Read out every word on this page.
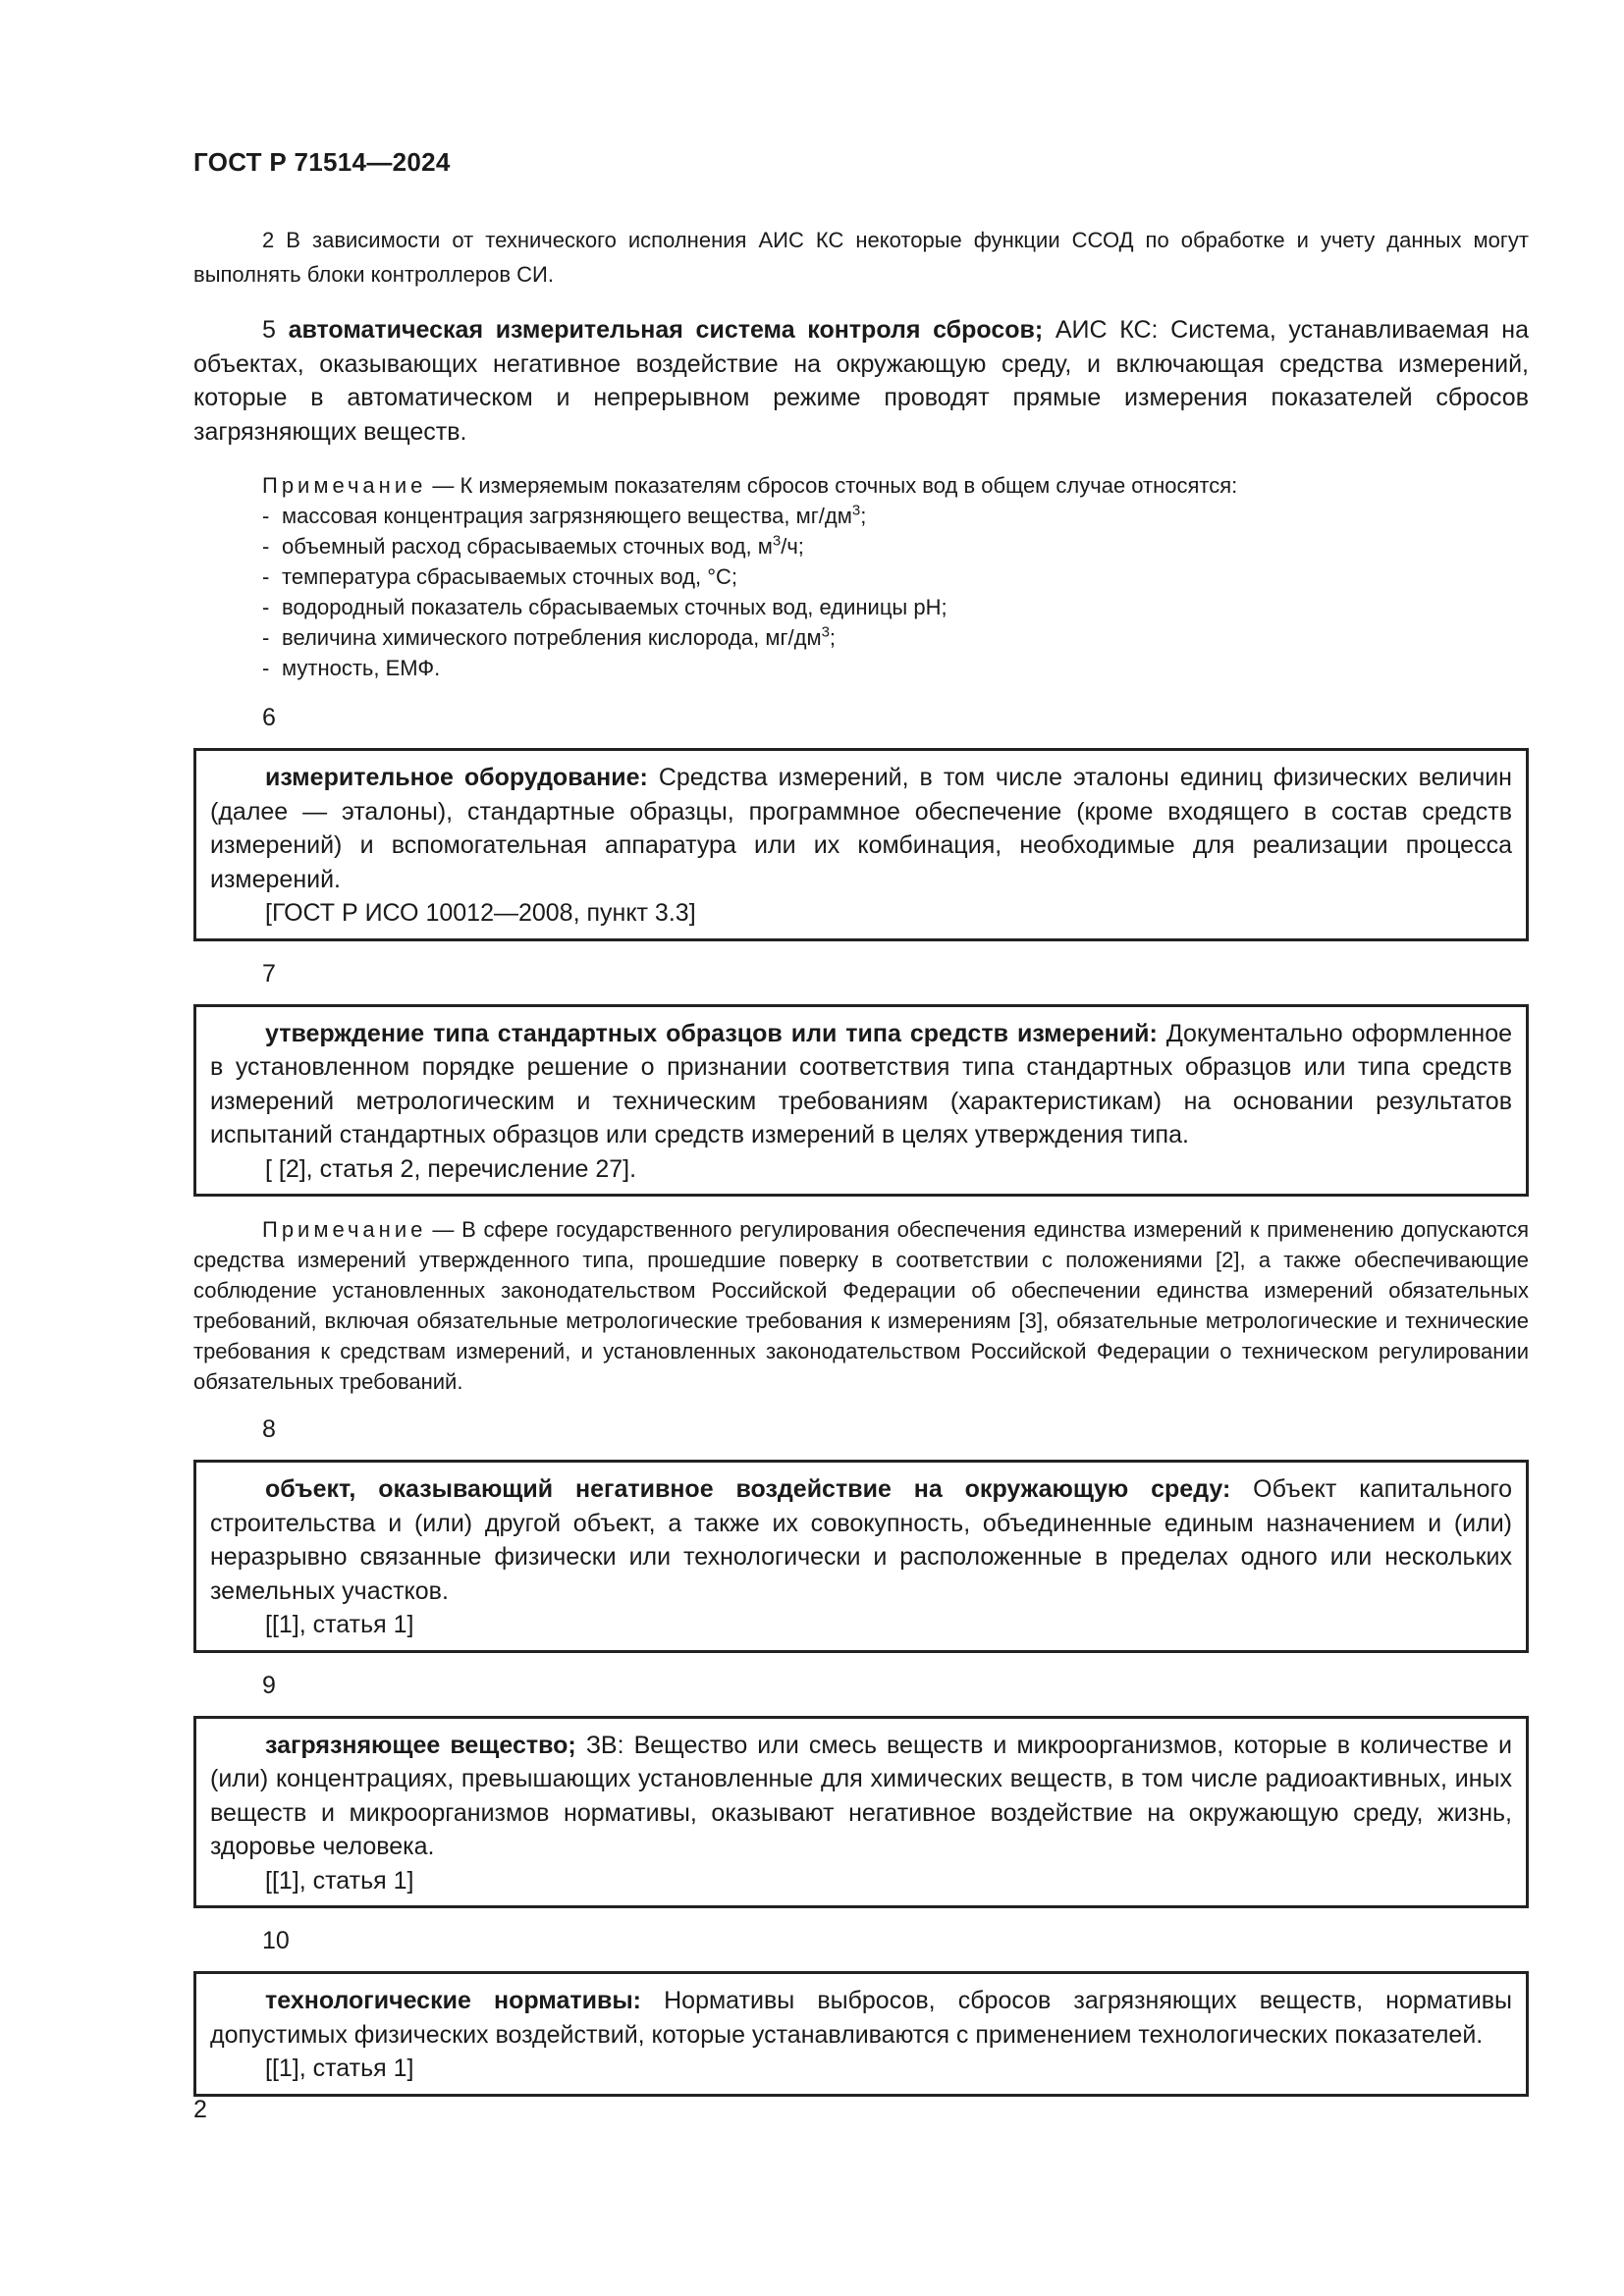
ГОСТ Р 71514—2024

2 В зависимости от технического исполнения АИС КС некоторые функции ССОД по обработке и учету данных могут выполнять блоки контроллеров СИ.

5 автоматическая измерительная система контроля сбросов; АИС КС: Система, устанавливаемая на объектах, оказывающих негативное воздействие на окружающую среду, и включающая средства измерений, которые в автоматическом и непрерывном режиме проводят прямые измерения показателей сбросов загрязняющих веществ.

Примечание — К измеряемым показателям сбросов сточных вод в общем случае относятся:

- массовая концентрация загрязняющего вещества, $мг/дм^3$;
- объемный расход сбрасываемых сточных вод, $м^3/ч$;
- температура сбрасываемых сточных вод, °С;
- водородный показатель сбрасываемых сточных вод, единицы рН;
- величина химического потребления кислорода, $мг/дм^3$;
- мутность, ЕМФ.
6

измерительное оборудование: Средства измерений, в том числе эталоны единиц физических величин (далее — эталоны), стандартные образцы, программное обеспечение (кроме входящего в состав средств измерений) и вспомогательная аппаратура или их комбинация, необходимые для реализации процесса измерений.

[ГОСТ Р ИСО 10012—2008, пункт 3.3]

7

утверждение типа стандартных образцов или типа средств измерений: Документально оформленное в установленном порядке решение о признании соответствия типа стандартных образцов или типа средств измерений метрологическим и техническим требованиям (характеристикам) на основании результатов испытаний стандартных образцов или средств измерений в целях утверждения типа.

[ [2], статья 2, перечисление 27].

Примечание — В сфере государственного регулирования обеспечения единства измерений к применению допускаются средства измерений утвержденного типа, прошедшие поверку в соответствии с положениями [2], а также обеспечивающие соблюдение установленных законодательством Российской Федерации об обеспечении единства измерений обязательных требований, включая обязательные метрологические требования к измерениям [3], обязательные метрологические и технические требования к средствам измерений, и установленных законодательством Российской Федерации о техническом регулировании обязательных требований.

8

объект, оказывающий негативное воздействие на окружающую среду: Объект капитального строительства и (или) другой объект, а также их совокупность, объединенные единым назначением и (или) неразрывно связанные физически или технологически и расположенные в пределах одного или нескольких земельных участков.

[[1], статья 1]

9

загрязняющее вещество; ЗВ: Вещество или смесь веществ и микроорганизмов, которые в количестве и (или) концентрациях, превышающих установленные для химических веществ, в том числе радиоактивных, иных веществ и микроорганизмов нормативы, оказывают негативное воздействие на окружающую среду, жизнь, здоровье человека.

[[1], статья 1]

10

технологические нормативы: Нормативы выбросов, сбросов загрязняющих веществ, нормативы допустимых физических воздействий, которые устанавливаются с применением технологических показателей.

[[1], статья 1]

2
